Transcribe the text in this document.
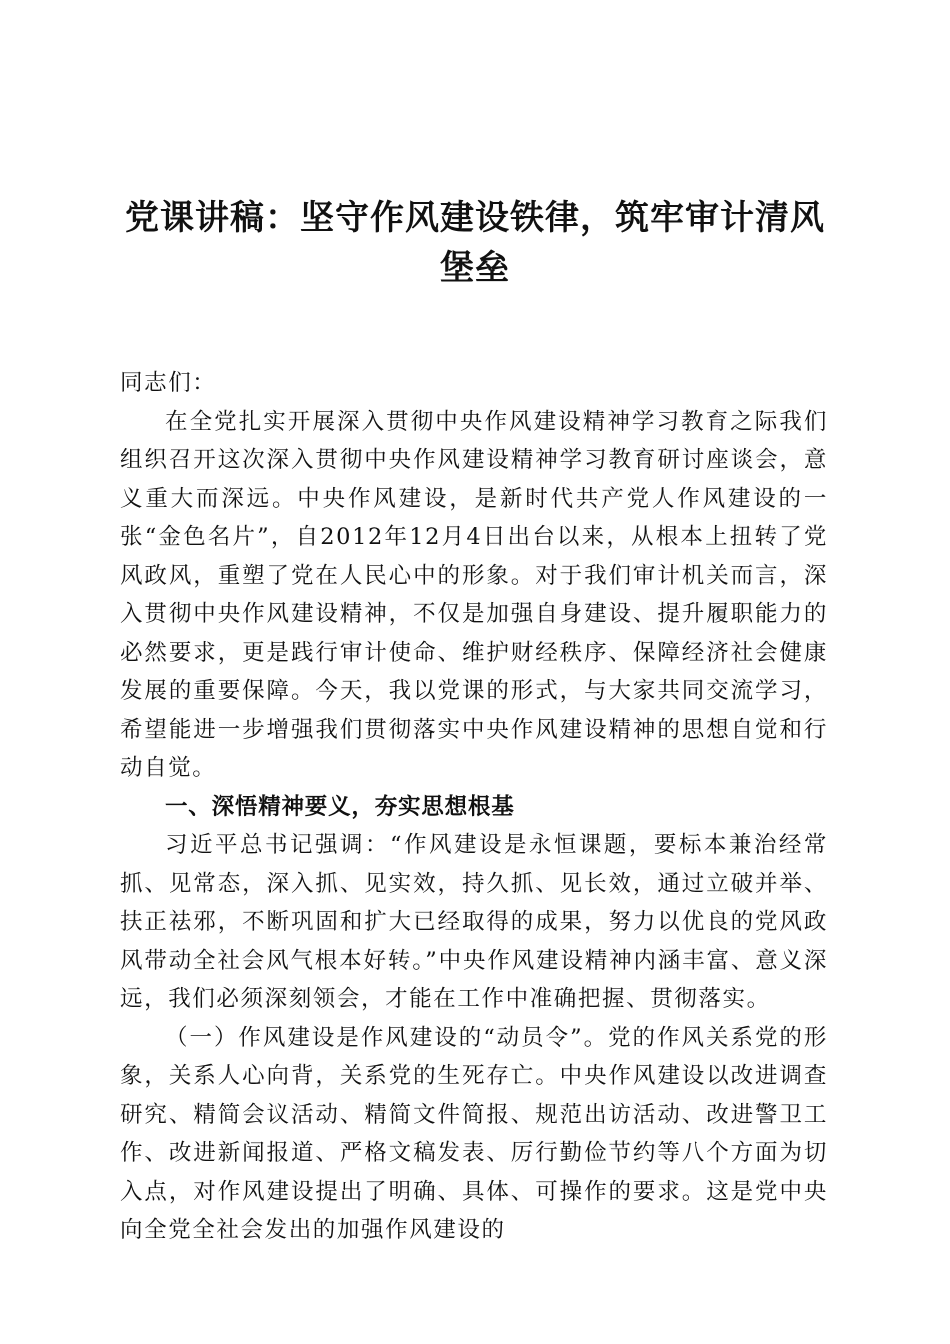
党课讲稿：坚守作风建设铁律，筑牢审计清风
堡垒

同志们：

在全党扎实开展深入贯彻中央作风建设精神学习教育之际我们组织召开这次深入贯彻中央作风建设精神学习教育研讨座谈会，意义重大而深远。中央作风建设，是新时代共产党人作风建设的一张“金色名片”，自2012年12月4日出台以来，从根本上扭转了党风政风，重塑了党在人民心中的形象。对于我们审计机关而言，深入贯彻中央作风建设精神，不仅是加强自身建设、提升履职能力的必然要求，更是践行审计使命、维护财经秩序、保障经济社会健康发展的重要保障。今天，我以党课的形式，与大家共同交流学习，希望能进一步增强我们贯彻落实中央作风建设精神的思想自觉和行动自觉。

一、深悟精神要义，夯实思想根基

习近平总书记强调：“作风建设是永恒课题，要标本兼治经常抓、见常态，深入抓、见实效，持久抓、见长效，通过立破并举、扶正祛邪，不断巩固和扩大已经取得的成果，努力以优良的党风政风带动全社会风气根本好转。”中央作风建设精神内涵丰富、意义深远，我们必须深刻领会，才能在工作中准确把握、贯彻落实。

（一）作风建设是作风建设的“动员令”。党的作风关系党的形象，关系人心向背，关系党的生死存亡。中央作风建设以改进调查研究、精简会议活动、精简文件简报、规范出访活动、改进警卫工作、改进新闻报道、严格文稿发表、厉行勤俭节约等八个方面为切入点，对作风建设提出了明确、具体、可操作的要求。这是党中央向全党全社会发出的加强作风建设的
